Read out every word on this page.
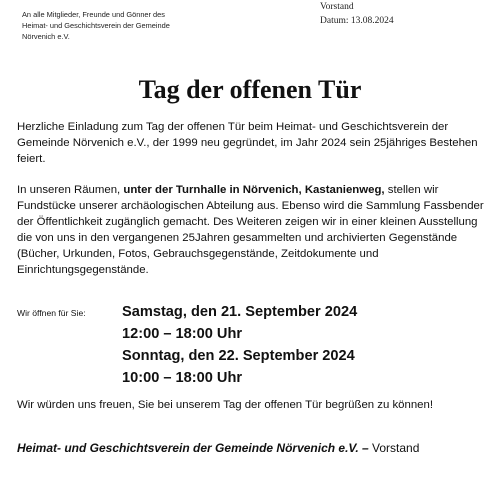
An alle Mitglieder, Freunde und Gönner des
Heimat- und Geschichtsverein der Gemeinde
Nörvenich e.V.
Vorstand
Datum: 13.08.2024
Tag der offenen Tür

Herzliche Einladung zum Tag der offenen Tür beim Heimat- und Geschichtsverein der Gemeinde Nörvenich e.V., der 1999 neu gegründet, im Jahr 2024 sein 25jähriges Bestehen feiert.

In unseren Räumen, unter der Turnhalle in Nörvenich, Kastanienweg, stellen wir Fundstücke unserer archäologischen Abteilung aus. Ebenso wird die Sammlung Fassbender der Öffentlichkeit zugänglich gemacht. Des Weiteren zeigen wir in einer kleinen Ausstellung die von uns in den vergangenen 25Jahren gesammelten und archivierten Gegenstände (Bücher, Urkunden, Fotos, Gebrauchsgegenstände, Zeitdokumente und Einrichtungsgegenstände.

Wir öffnen für Sie: Samstag, den 21. September 2024
12:00 – 18:00 Uhr
Sonntag, den 22. September 2024
10:00 – 18:00 Uhr

Wir würden uns freuen, Sie bei unserem Tag der offenen Tür begrüßen zu können!

Heimat- und Geschichtsverein der Gemeinde Nörvenich e.V. – Vorstand
